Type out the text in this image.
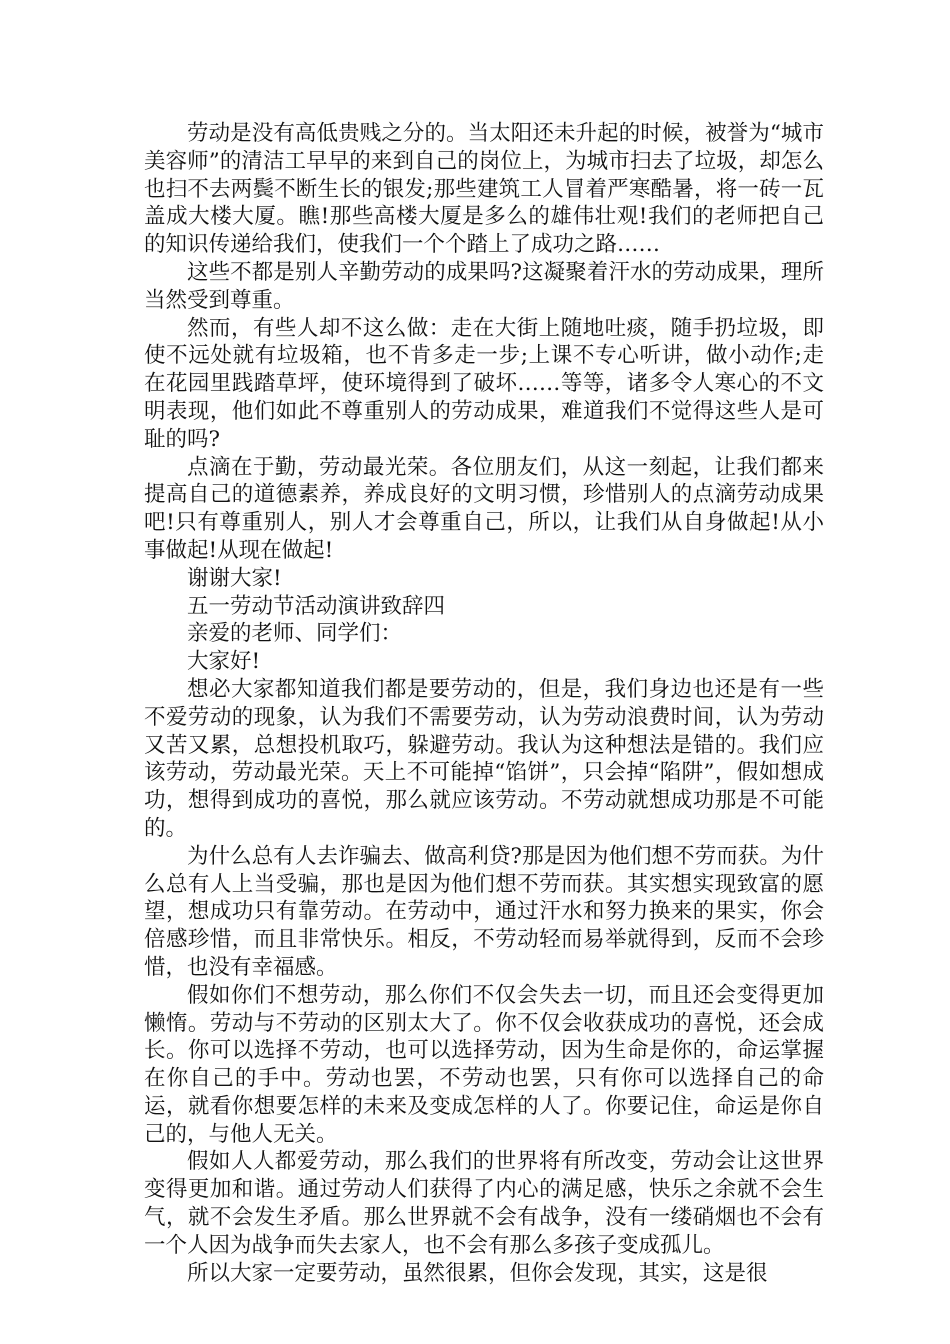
劳动是没有高低贵贱之分的。当太阳还未升起的时候，被誉为“城市美容师”的清洁工早早的来到自己的岗位上，为城市扫去了垃圾，却怎么也扫不去两鬓不断生长的银发;那些建筑工人冒着严寒酷暑，将一砖一瓦盖成大楼大厦。瞧!那些高楼大厦是多么的雄伟壮观!我们的老师把自己的知识传递给我们，使我们一个个踏上了成功之路……

这些不都是别人辛勤劳动的成果吗?这凝聚着汗水的劳动成果，理所当然受到尊重。

然而，有些人却不这么做：走在大街上随地吐痰，随手扔垃圾，即使不远处就有垃圾箱，也不肯多走一步;上课不专心听讲，做小动作;走在花园里践踏草坪，使环境得到了破坏……等等，诸多令人寒心的不文明表现，他们如此不尊重别人的劳动成果，难道我们不觉得这些人是可耻的吗?

点滴在于勤，劳动最光荣。各位朋友们，从这一刻起，让我们都来提高自己的道德素养，养成良好的文明习惯，珍惜别人的点滴劳动成果吧!只有尊重别人，别人才会尊重自己，所以，让我们从自身做起!从小事做起!从现在做起!

谢谢大家!

五一劳动节活动演讲致辞四

亲爱的老师、同学们：

大家好!

想必大家都知道我们都是要劳动的，但是，我们身边也还是有一些不爱劳动的现象，认为我们不需要劳动，认为劳动浪费时间，认为劳动又苦又累，总想投机取巧，躲避劳动。我认为这种想法是错的。我们应该劳动，劳动最光荣。天上不可能掉“馅饼”，只会掉“陷阱”，假如想成功，想得到成功的喜悦，那么就应该劳动。不劳动就想成功那是不可能的。

为什么总有人去诈骗去、做高利贷?那是因为他们想不劳而获。为什么总有人上当受骗，那也是因为他们想不劳而获。其实想实现致富的愿望，想成功只有靠劳动。在劳动中，通过汗水和努力换来的果实，你会倍感珍惜，而且非常快乐。相反，不劳动轻而易举就得到，反而不会珍惜，也没有幸福感。

假如你们不想劳动，那么你们不仅会失去一切，而且还会变得更加懒惰。劳动与不劳动的区别太大了。你不仅会收获成功的喜悦，还会成长。你可以选择不劳动，也可以选择劳动，因为生命是你的，命运掌握在你自己的手中。劳动也罢，不劳动也罢，只有你可以选择自己的命运，就看你想要怎样的未来及变成怎样的人了。你要记住，命运是你自己的，与他人无关。

假如人人都爱劳动，那么我们的世界将有所改变，劳动会让这世界变得更加和谐。通过劳动人们获得了内心的满足感，快乐之余就不会生气，就不会发生矛盾。那么世界就不会有战争，没有一缕硝烟也不会有一个人因为战争而失去家人，也不会有那么多孩子变成孤儿。

所以大家一定要劳动，虽然很累，但你会发现，其实，这是很
